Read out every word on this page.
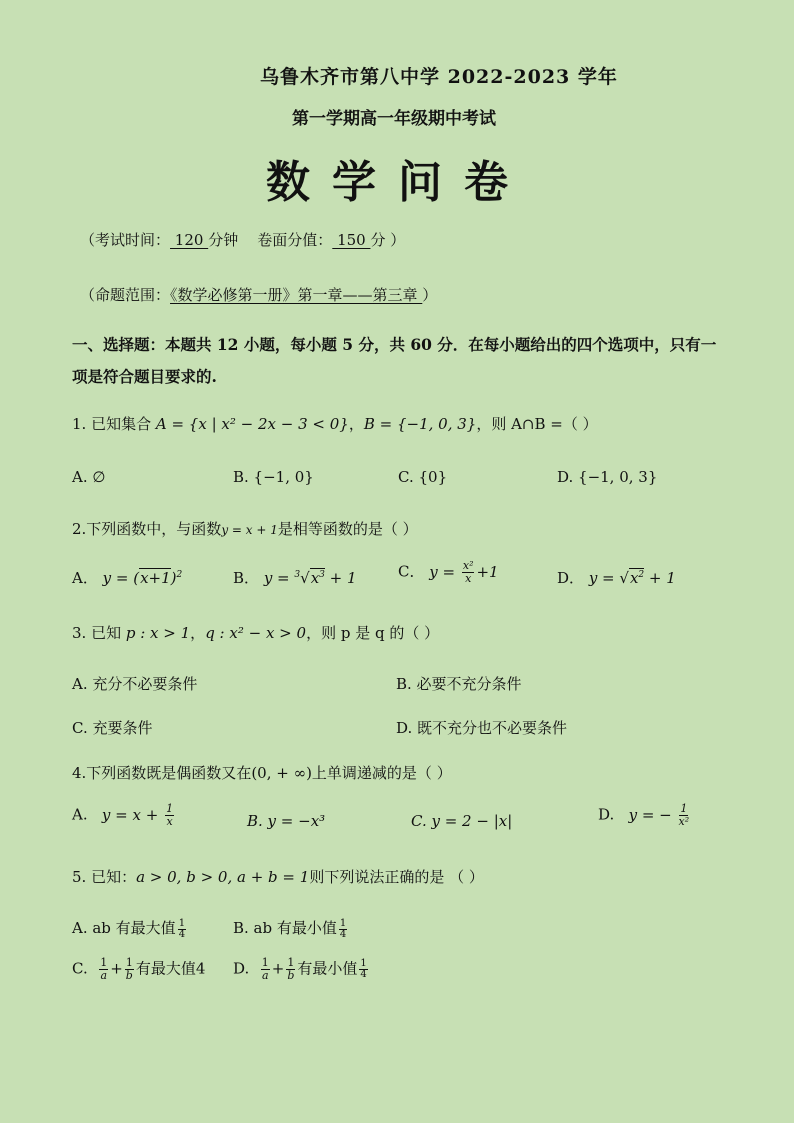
乌鲁木齐市第八中学 2022-2023 学年
第一学期高一年级期中考试
数学问卷
（考试时间： 120 分钟 卷面分值： 150 分 ）
（命题范围：《数学必修第一册》第一章——第三章 ）
一、选择题：本题共 12 小题，每小题 5 分，共 60 分．在每小题给出的四个选项中，只有一
项是符合题目要求的.
1. 已知集合 A = {x | x² − 2x − 3 < 0}，B = {−1, 0, 3}，则 A∩B =（ ）
A. ∅	B. {−1, 0}	C. {0}	D. {−1, 0, 3}
2.下列函数中，与函数y = x + 1是相等函数的是（ ）
A． $y = (x+1)^2$	B． $y = ^3√x^3 + 1$	C． $y = \frac{\text{x²}}{x} +1$	D． $y = √x^2 + 1$
3. 已知 p : x > 1，q : x² − x > 0，则 p 是 q 的（ ）
A. 充分不必要条件	B. 必要不充分条件
C. 充要条件	D. 既不充分也不必要条件
4.下列函数既是偶函数又在(0, + ∞)上单调递减的是（ ）
A. $y = x + \frac{1}{x}$	B. y = −x³	C. y = 2 − |x|	D. y = − $\frac{1}{\text{x²}}$
5. 已知：a > 0, b > 0, a + b = 1则下列说法正确的是 （ ）
A. ab 有最大值 $\frac{1}{4}$	B. ab 有最小值 $\frac{1}{4}$
C. $\frac{1}{a} + \frac{1}{b}$ 有最大值4 D. $\frac{1}{a} + \frac{1}{b}$ 有最小值 $\frac{1}{4}$
